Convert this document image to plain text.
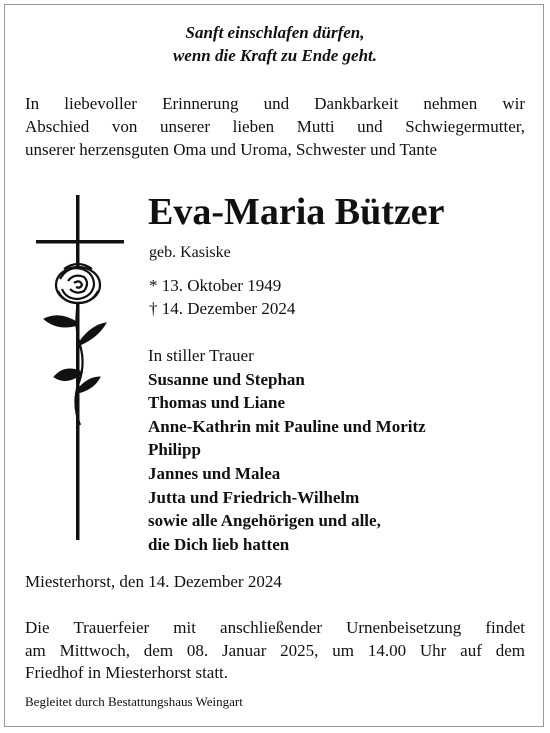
Sanft einschlafen dürfen,
wenn die Kraft zu Ende geht.
In liebevoller Erinnerung und Dankbarkeit nehmen wir
Abschied von unserer lieben Mutti und Schwiegermutter,
unserer herzensguten Oma und Uroma, Schwester und Tante
Eva-Maria Bützer
geb. Kasiske
* 13. Oktober 1949
† 14. Dezember 2024
In stiller Trauer
Susanne und Stephan
Thomas und Liane
Anne-Kathrin mit Pauline und Moritz
Philipp
Jannes und Malea
Jutta und Friedrich-Wilhelm
sowie alle Angehörigen und alle,
die Dich lieb hatten
Miesterhorst, den 14. Dezember 2024
Die Trauerfeier mit anschließender Urnenbeisetzung findet
am Mittwoch, dem 08. Januar 2025, um 14.00 Uhr auf dem
Friedhof in Miesterhorst statt.
Begleitet durch Bestattungshaus Weingart
